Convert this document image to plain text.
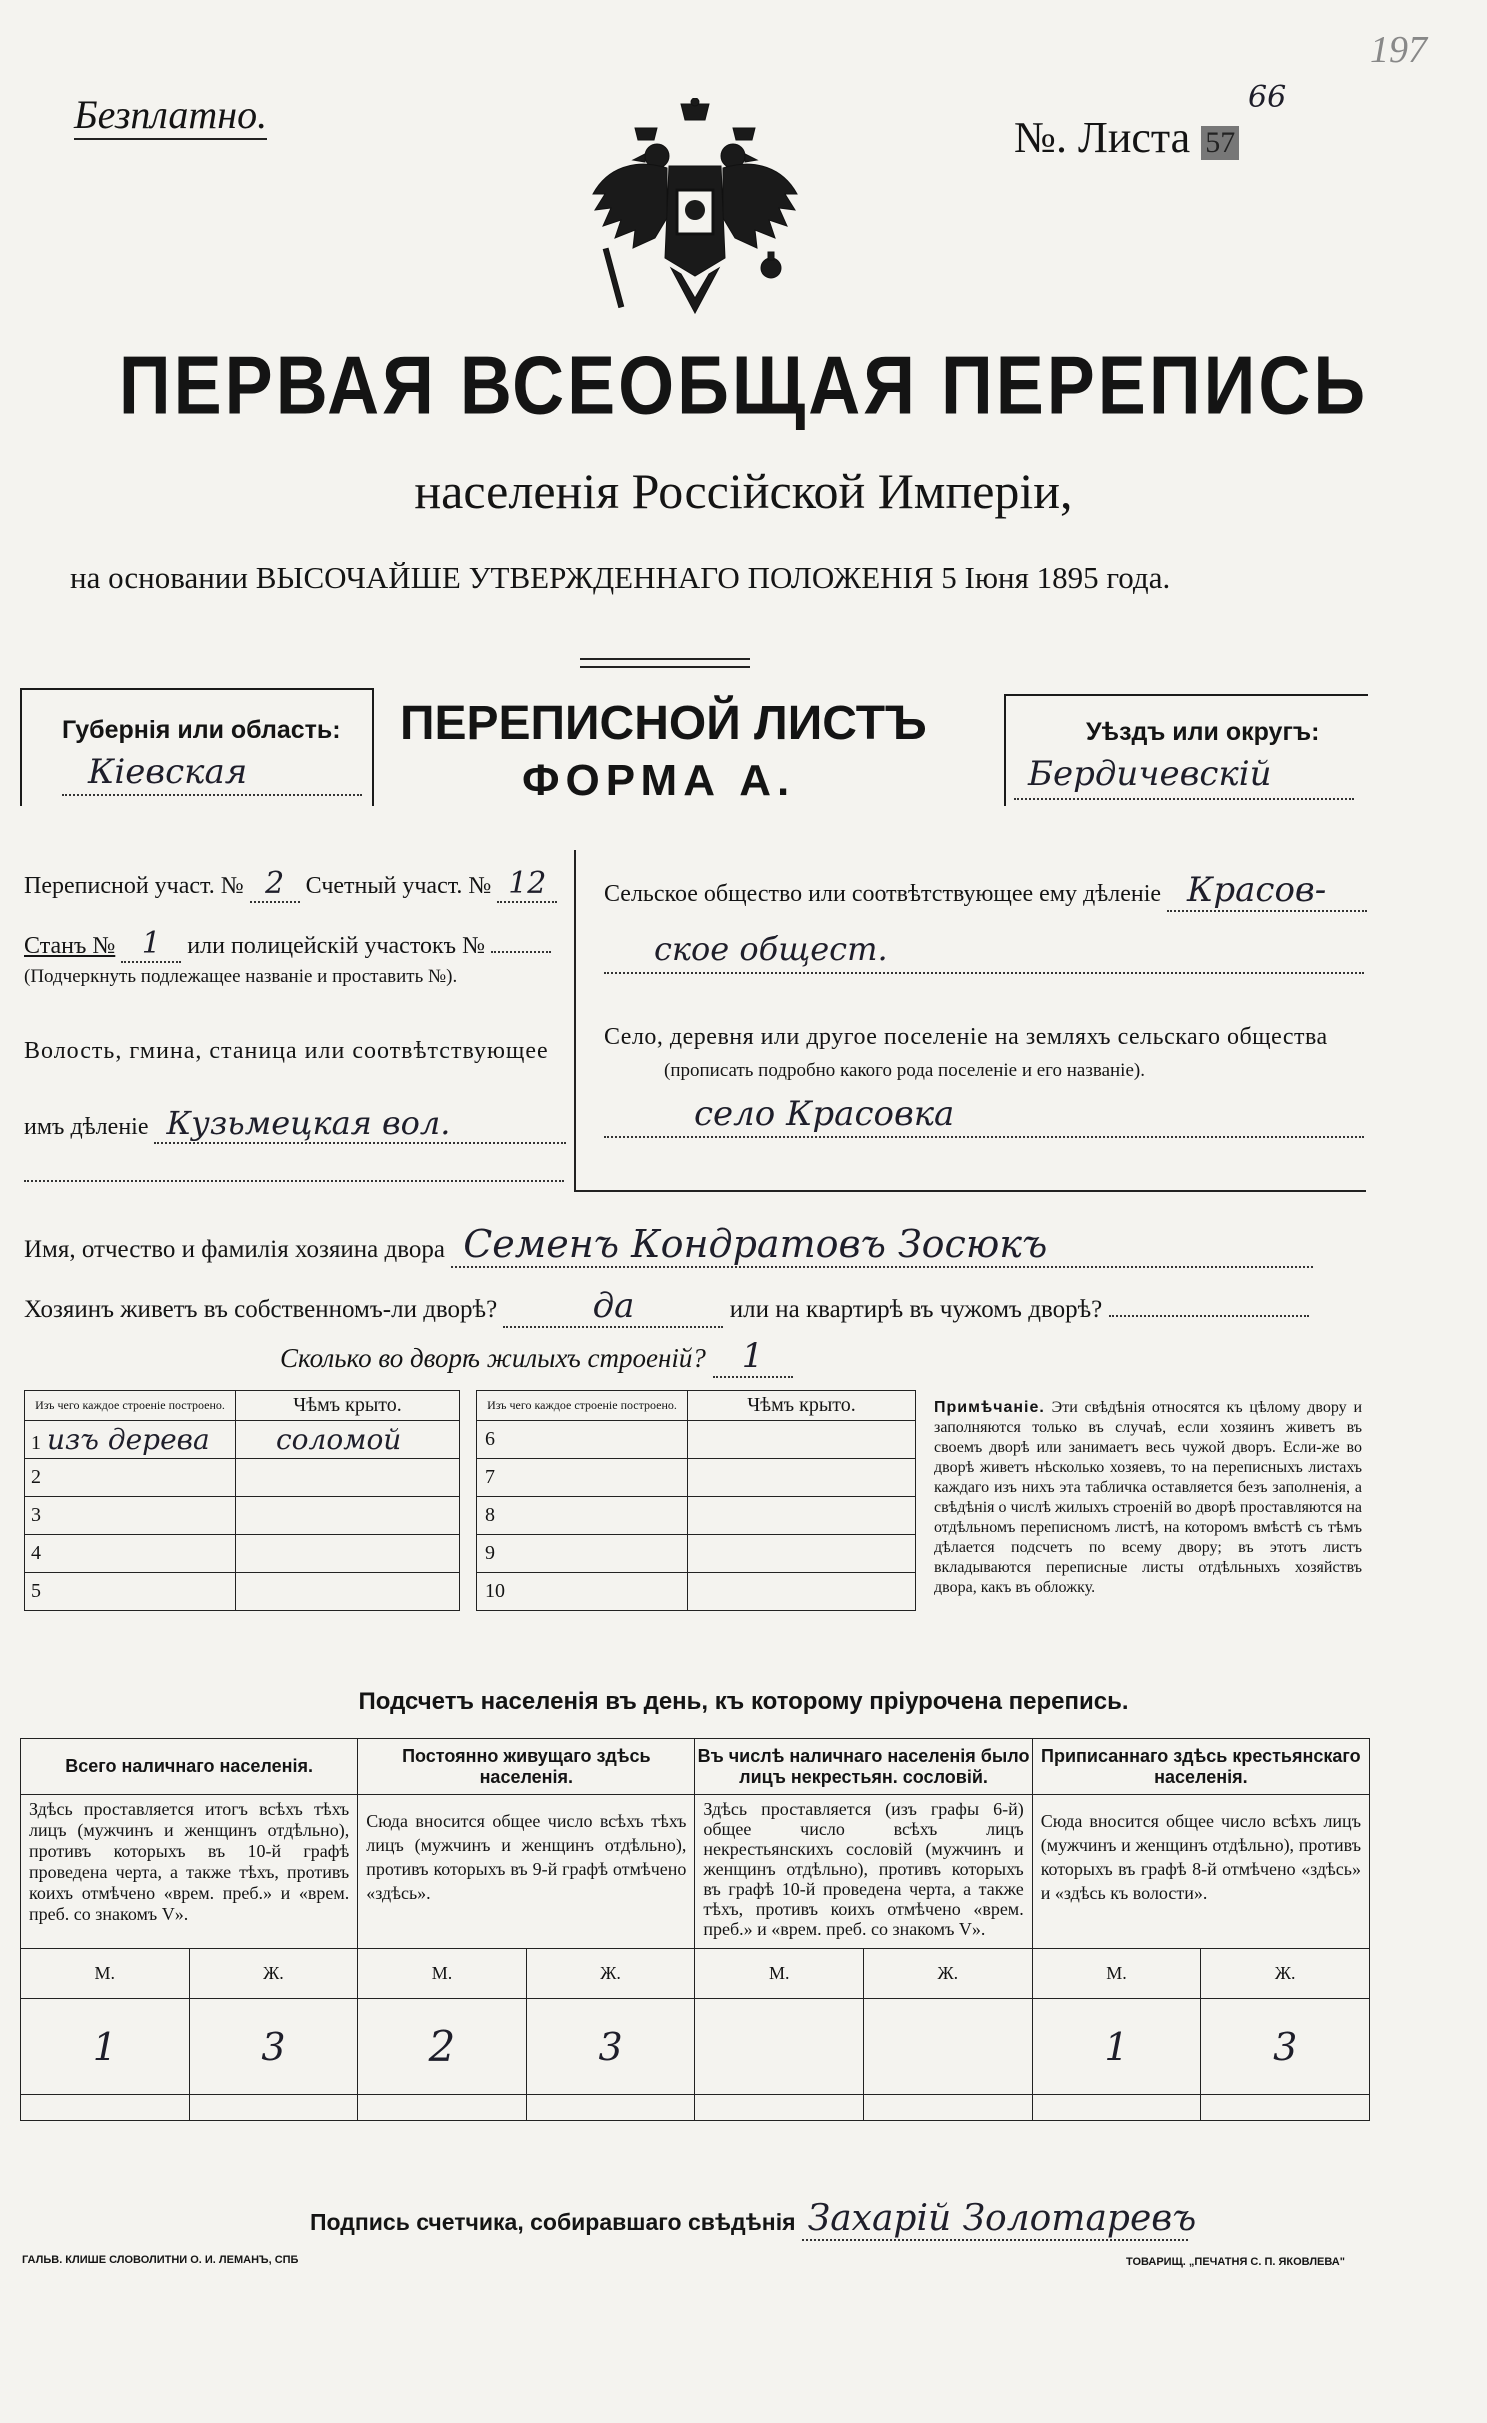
Безплатно.
197
№. Листа 57
66
ПЕРВАЯ ВСЕОБЩАЯ ПЕРЕПИСЬ
населенія Россійской Имперіи,
на основании ВЫСОЧАЙШЕ УТВЕРЖДЕННАГО ПОЛОЖЕНІЯ 5 Іюня 1895 года.
Губернія или область:
Кіевская
ПЕРЕПИСНОЙ ЛИСТЪ
ФОРМА А.
Уѣздъ или округъ:
Бердичевскій
Переписной участ. № 2 Счетный участ. № 12
Станъ № 1 или полицейскій участокъ №
(Подчеркнуть подлежащее названіе и проставить №).
Волость, гмина, станица или соотвѣтствующее
имъ дѣленіе Кузьмецкая вол.
Сельское общество или соотвѣтствующее ему дѣленіе Красов-
ское общест.
Село, деревня или другое поселеніе на земляхъ сельскаго общества
(прописать подробно какого рода поселеніе и его названіе).
село Красовка
Имя, отчество и фамилія хозяина двора Семенъ Кондратовъ Зосюкъ
Хозяинъ живетъ въ собственномъ-ли дворѣ?	да	или на квартирѣ въ чужомъ дворѣ?
Сколько во дворѣ жилыхъ строеній? 1
Изъ чего каждое строеніе построено.	Чѣмъ крыто.
1 изъ дерева	соломой
2	
3	
4	
5	
Изъ чего каждое строеніе построено.	Чѣмъ крыто.
6	
7	
8	
9	
10	
Примѣчаніе. Эти свѣдѣнія относятся къ цѣлому двору и заполняются только въ случаѣ, если хозяинъ живетъ въ своемъ дворѣ или занимаетъ весь чужой дворъ. Если-же во дворѣ живетъ нѣсколько хозяевъ, то на переписныхъ листахъ каждаго изъ нихъ эта табличка оставляется безъ заполненія, а свѣдѣнія о числѣ жилыхъ строеній во дворѣ проставляются на отдѣльномъ переписномъ листѣ, на которомъ вмѣстѣ съ тѣмъ дѣлается подсчетъ по всему двору; въ этотъ листъ вкладываются переписные листы отдѣльныхъ хозяйствъ двора, какъ въ обложку.
Подсчетъ населенія въ день, къ которому пріурочена перепись.
Всего наличнаго населенія.		Постоянно живущаго здѣсь населенія.		Въ числѣ наличнаго населенія было лицъ некрестьян. сословій.		Приписаннаго здѣсь крестьянскаго населенія.	
Здѣсь проставляется итогъ всѣхъ тѣхъ лицъ (мужчинъ и женщинъ отдѣльно), противъ которыхъ въ 10-й графѣ проведена черта, а также тѣхъ, противъ коихъ отмѣчено «врем. преб.» и «врем. преб. со знакомъ V».		Сюда вносится общее число всѣхъ тѣхъ лицъ (мужчинъ и женщинъ отдѣльно), противъ которыхъ въ 9-й графѣ отмѣчено «здѣсь».		Здѣсь проставляется (изъ графы 6-й) общее число всѣхъ лицъ некрестьянскихъ сословій (мужчинъ и женщинъ отдѣльно), противъ которыхъ въ графѣ 10-й проведена черта, а также тѣхъ, противъ коихъ отмѣчено «врем. преб.» и «врем. преб. со знакомъ V».		Сюда вносится общее число всѣхъ лицъ (мужчинъ и женщинъ отдѣльно), противъ которыхъ въ графѣ 8-й отмѣчено «здѣсь» и «здѣсь къ волости».	
М.	Ж.	М.	Ж.	М.	Ж.	М.	Ж.
1	3	2	3			1	3

Подпись счетчика, собиравшаго свѣдѣнія Захарій Золотаревъ
ГАЛЬВ. КЛИШЕ СЛОВОЛИТНИ О. И. ЛЕМАНЪ, СПБ	ТОВАРИЩ. „ПЕЧАТНЯ С. П. ЯКОВЛЕВА"
